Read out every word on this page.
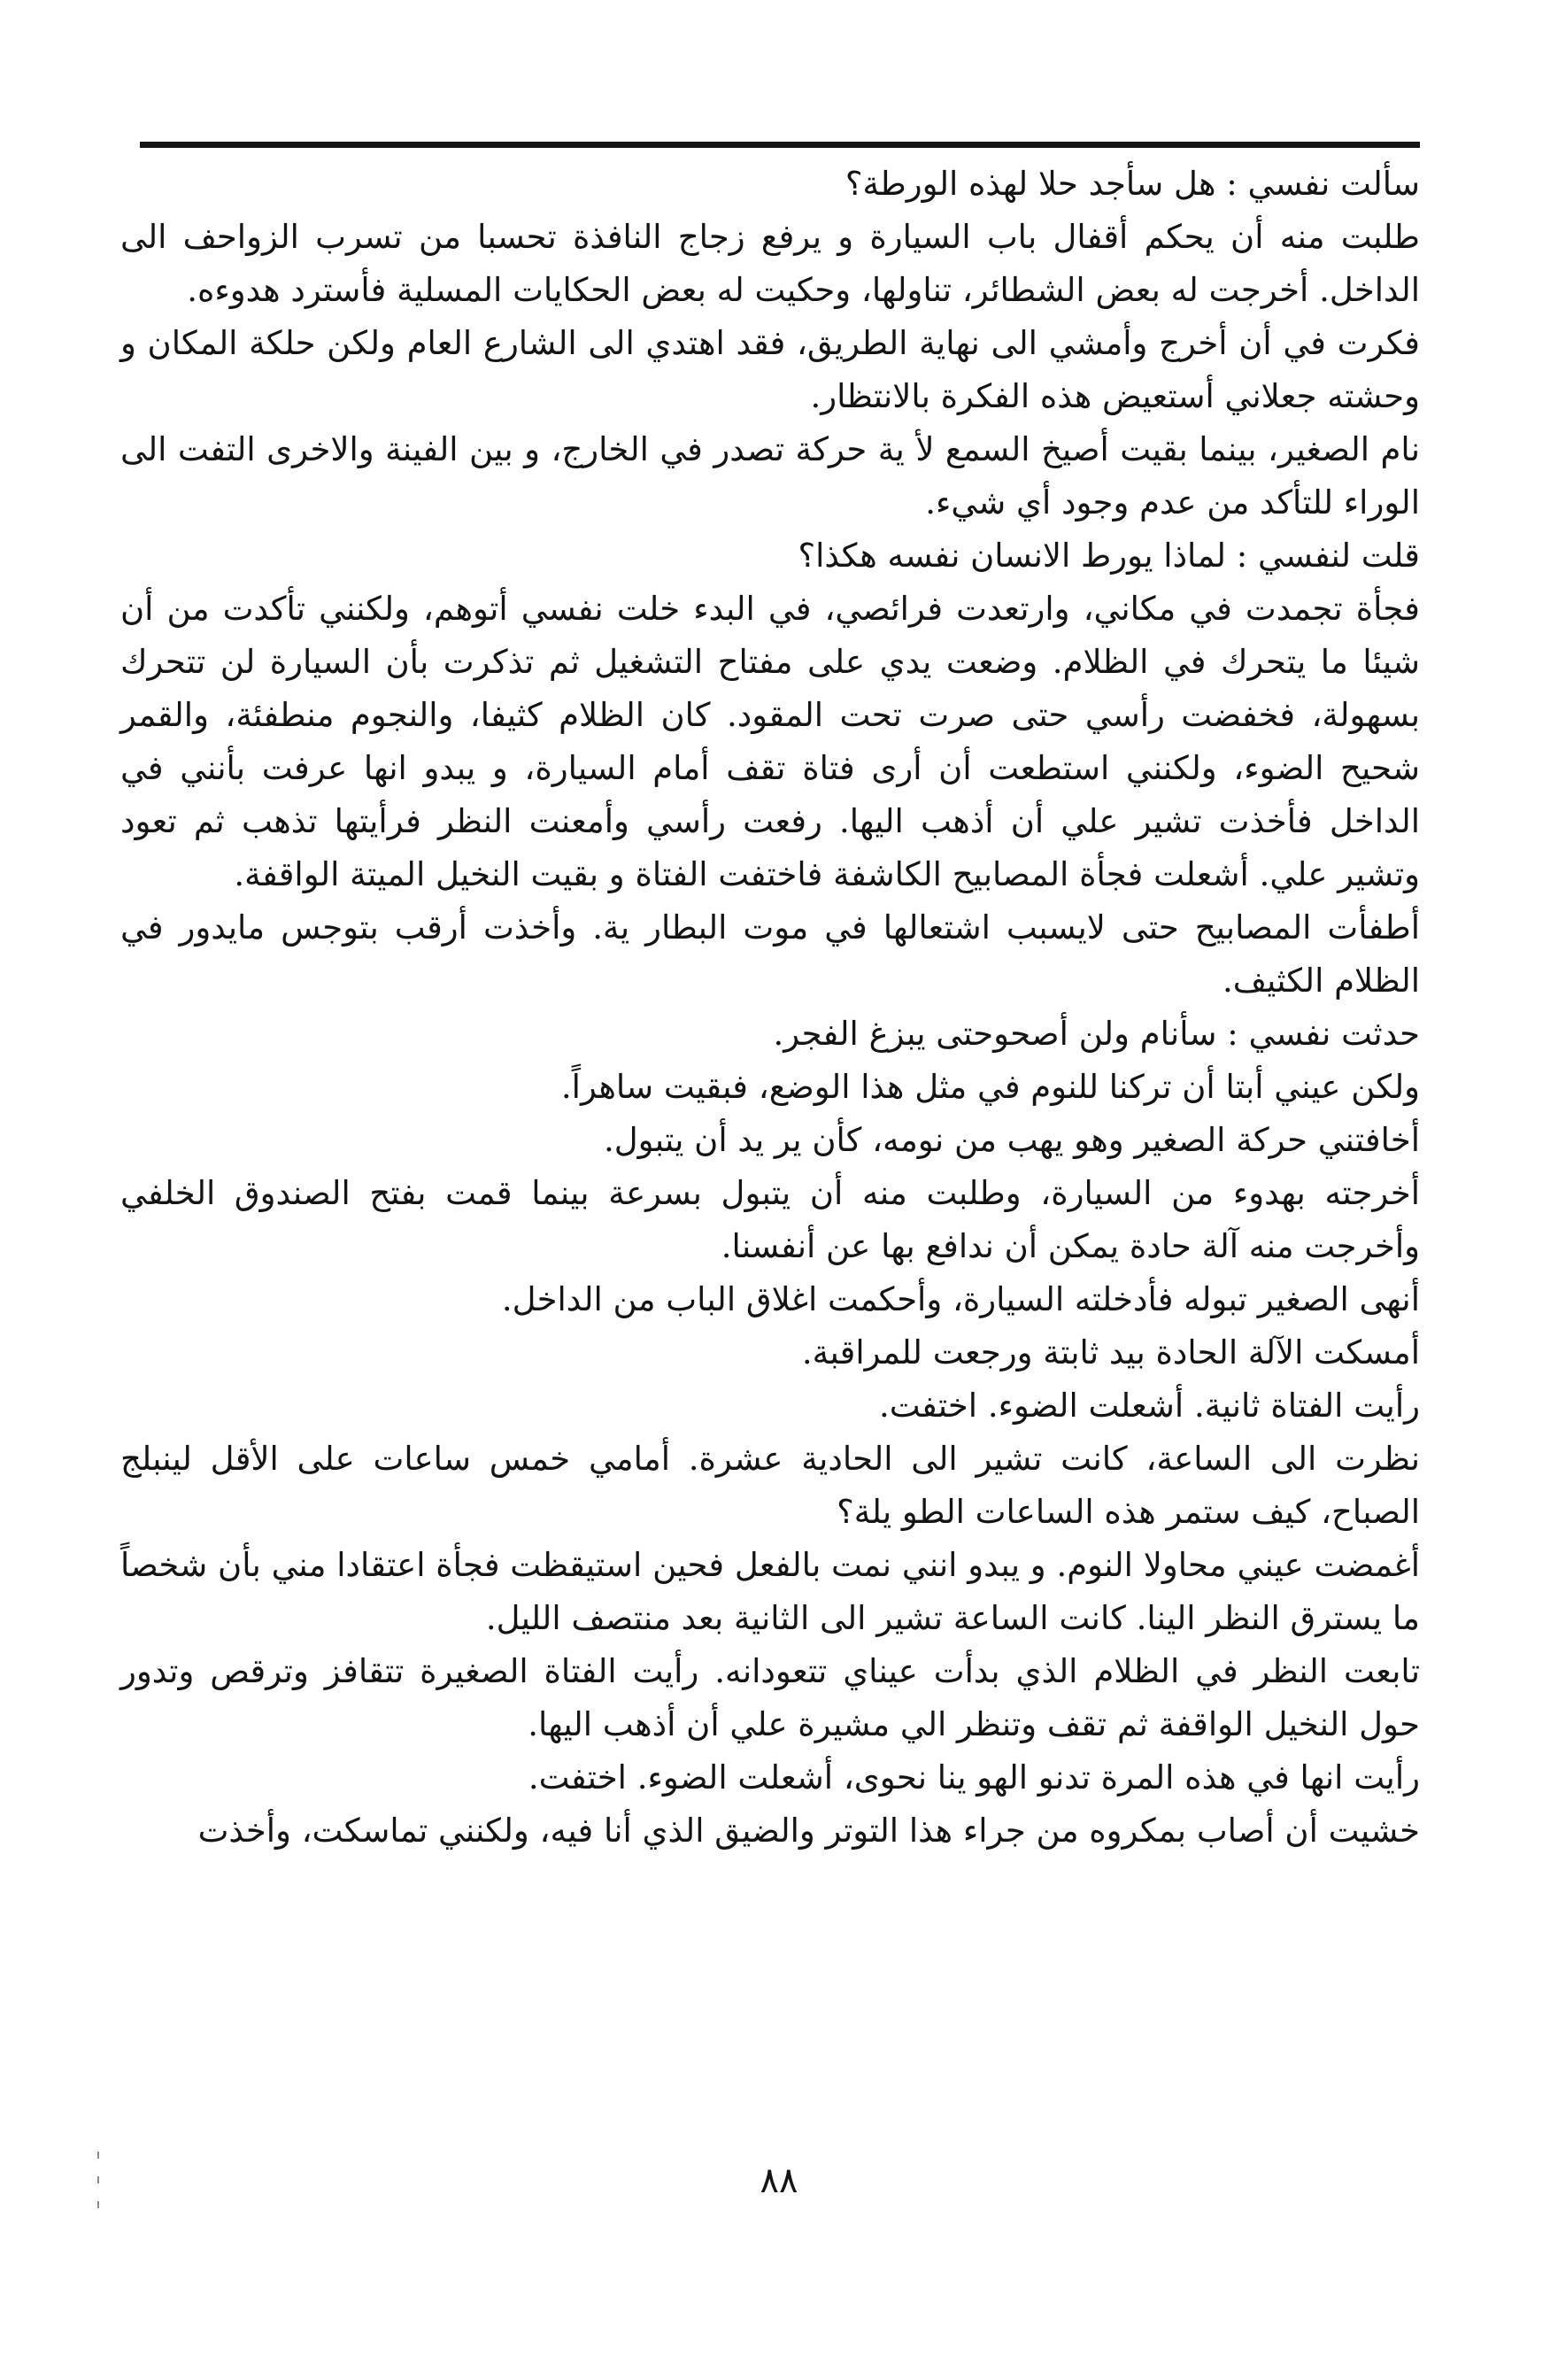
سألت نفسي : هل سأجد حلا لهذه الورطة؟

طلبت منه أن يحكم أقفال باب السيارة و يرفع زجاج النافذة تحسبا من تسرب الزواحف الى الداخل. أخرجت له بعض الشطائر، تناولها، وحكيت له بعض الحكايات المسلية فأسترد هدوءه.

فكرت في أن أخرج وأمشي الى نهاية الطريق، فقد اهتدي الى الشارع العام ولكن حلكة المكان و وحشته جعلاني أستعيض هذه الفكرة بالانتظار.

نام الصغير، بينما بقيت أصيخ السمع لأ ية حركة تصدر في الخارج، و بين الفينة والاخرى التفت الى الوراء للتأكد من عدم وجود أي شيء.

قلت لنفسي : لماذا يورط الانسان نفسه هكذا؟

فجأة تجمدت في مكاني، وارتعدت فرائصي، في البدء خلت نفسي أتوهم، ولكنني تأكدت من أن شيئا ما يتحرك في الظلام. وضعت يدي على مفتاح التشغيل ثم تذكرت بأن السيارة لن تتحرك بسهولة، فخفضت رأسي حتى صرت تحت المقود. كان الظلام كثيفا، والنجوم منطفئة، والقمر شحيح الضوء، ولكنني استطعت أن أرى فتاة تقف أمام السيارة، و يبدو انها عرفت بأنني في الداخل فأخذت تشير علي أن أذهب اليها. رفعت رأسي وأمعنت النظر فرأيتها تذهب ثم تعود وتشير علي. أشعلت فجأة المصابيح الكاشفة فاختفت الفتاة و بقيت النخيل الميتة الواقفة.

أطفأت المصابيح حتى لايسبب اشتعالها في موت البطار ية. وأخذت أرقب بتوجس مايدور في الظلام الكثيف.

حدثت نفسي : سأنام ولن أصحوحتى يبزغ الفجر.

ولكن عيني أبتا أن تركنا للنوم في مثل هذا الوضع، فبقيت ساهراً.

أخافتني حركة الصغير وهو يهب من نومه، كأن ير يد أن يتبول.

أخرجته بهدوء من السيارة، وطلبت منه أن يتبول بسرعة بينما قمت بفتح الصندوق الخلفي وأخرجت منه آلة حادة يمكن أن ندافع بها عن أنفسنا.

أنهى الصغير تبوله فأدخلته السيارة، وأحكمت اغلاق الباب من الداخل.

أمسكت الآلة الحادة بيد ثابتة ورجعت للمراقبة.

رأيت الفتاة ثانية. أشعلت الضوء. اختفت.

نظرت الى الساعة، كانت تشير الى الحادية عشرة. أمامي خمس ساعات على الأقل لينبلج الصباح، كيف ستمر هذه الساعات الطو يلة؟

أغمضت عيني محاولا النوم. و يبدو انني نمت بالفعل فحين استيقظت فجأة اعتقادا مني بأن شخصاً ما يسترق النظر الينا. كانت الساعة تشير الى الثانية بعد منتصف الليل.

تابعت النظر في الظلام الذي بدأت عيناي تتعودانه. رأيت الفتاة الصغيرة تتقافز وترقص وتدور حول النخيل الواقفة ثم تقف وتنظر الي مشيرة علي أن أذهب اليها.

رأيت انها في هذه المرة تدنو الهو ينا نحوى، أشعلت الضوء. اختفت.

خشيت أن أصاب بمكروه من جراء هذا التوتر والضيق الذي أنا فيه، ولكنني تماسكت، وأخذت

٨٨
